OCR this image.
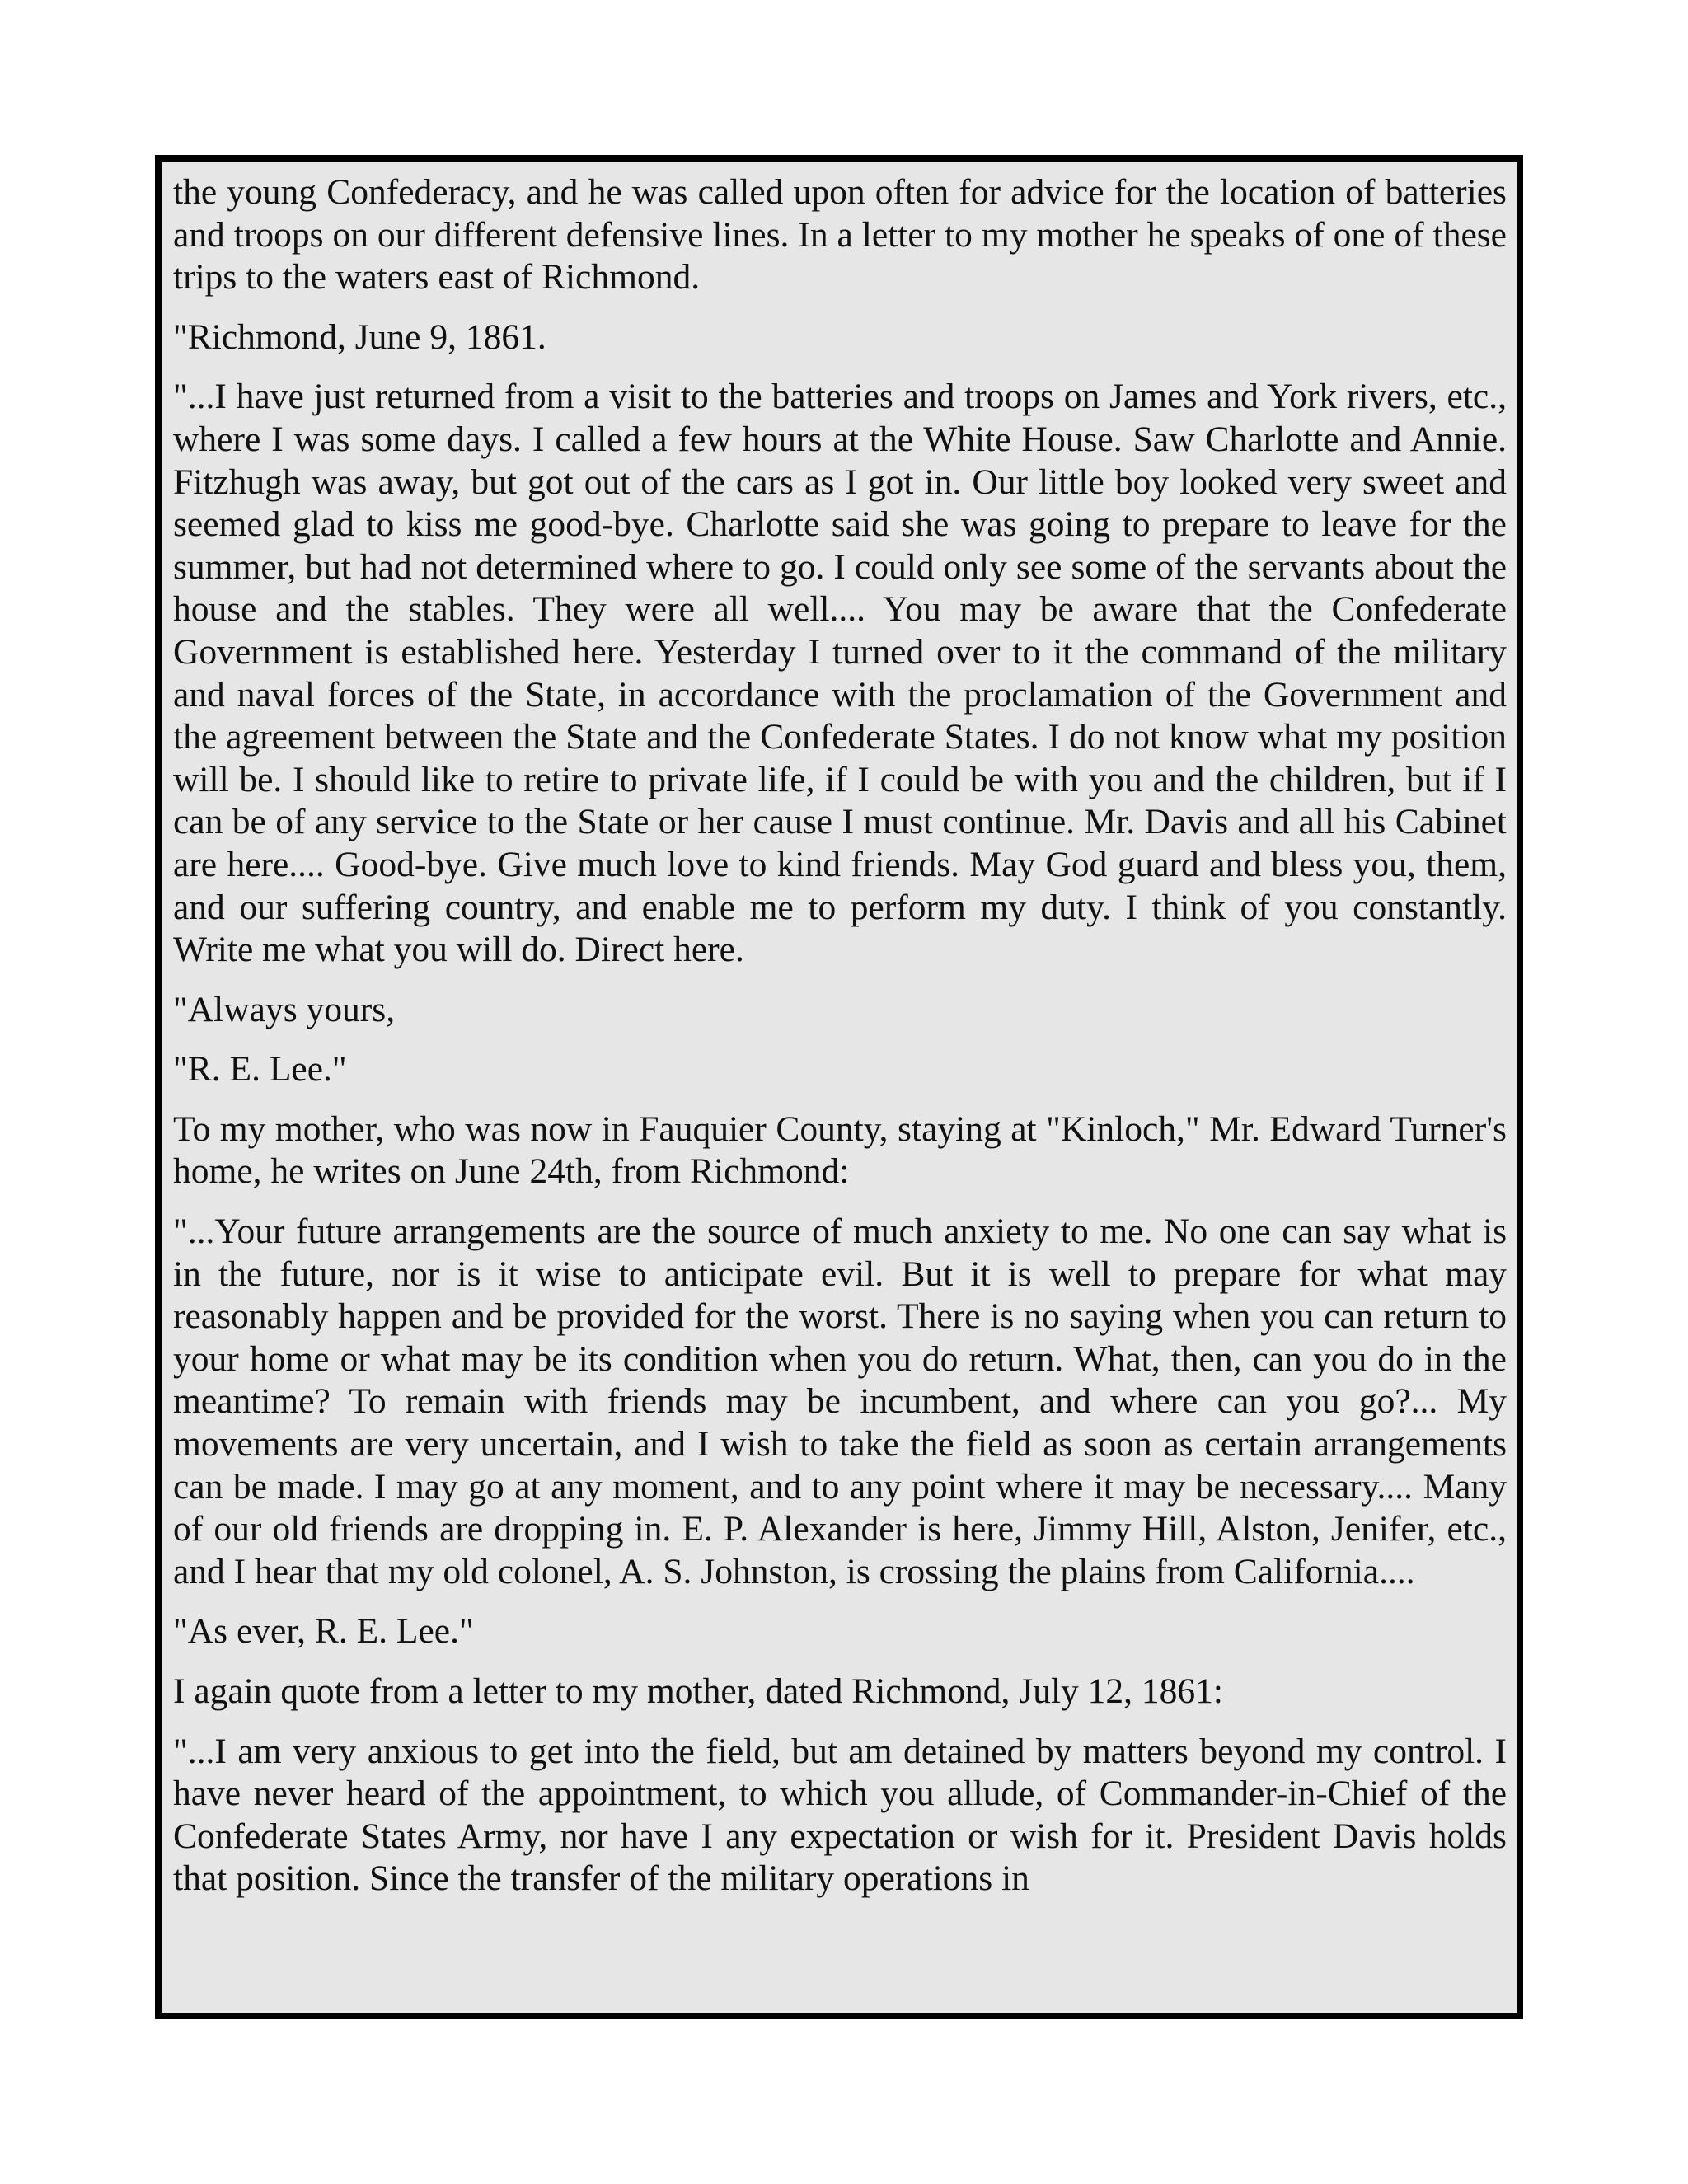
the young Confederacy, and he was called upon often for advice for the location of batteries and troops on our different defensive lines. In a letter to my mother he speaks of one of these trips to the waters east of Richmond.

"Richmond, June 9, 1861.

"...I have just returned from a visit to the batteries and troops on James and York rivers, etc., where I was some days. I called a few hours at the White House. Saw Charlotte and Annie. Fitzhugh was away, but got out of the cars as I got in. Our little boy looked very sweet and seemed glad to kiss me good-bye. Charlotte said she was going to prepare to leave for the summer, but had not determined where to go. I could only see some of the servants about the house and the stables. They were all well.... You may be aware that the Confederate Government is established here. Yesterday I turned over to it the command of the military and naval forces of the State, in accordance with the proclamation of the Government and the agreement between the State and the Confederate States. I do not know what my position will be. I should like to retire to private life, if I could be with you and the children, but if I can be of any service to the State or her cause I must continue. Mr. Davis and all his Cabinet are here.... Good-bye. Give much love to kind friends. May God guard and bless you, them, and our suffering country, and enable me to perform my duty. I think of you constantly. Write me what you will do. Direct here.

"Always yours,

"R. E. Lee."

To my mother, who was now in Fauquier County, staying at "Kinloch," Mr. Edward Turner's home, he writes on June 24th, from Richmond:

"...Your future arrangements are the source of much anxiety to me. No one can say what is in the future, nor is it wise to anticipate evil. But it is well to prepare for what may reasonably happen and be provided for the worst. There is no saying when you can return to your home or what may be its condition when you do return. What, then, can you do in the meantime? To remain with friends may be incumbent, and where can you go?... My movements are very uncertain, and I wish to take the field as soon as certain arrangements can be made. I may go at any moment, and to any point where it may be necessary.... Many of our old friends are dropping in. E. P. Alexander is here, Jimmy Hill, Alston, Jenifer, etc., and I hear that my old colonel, A. S. Johnston, is crossing the plains from California....

"As ever, R. E. Lee."

I again quote from a letter to my mother, dated Richmond, July 12, 1861:

"...I am very anxious to get into the field, but am detained by matters beyond my control. I have never heard of the appointment, to which you allude, of Commander-in-Chief of the Confederate States Army, nor have I any expectation or wish for it. President Davis holds that position. Since the transfer of the military operations in
